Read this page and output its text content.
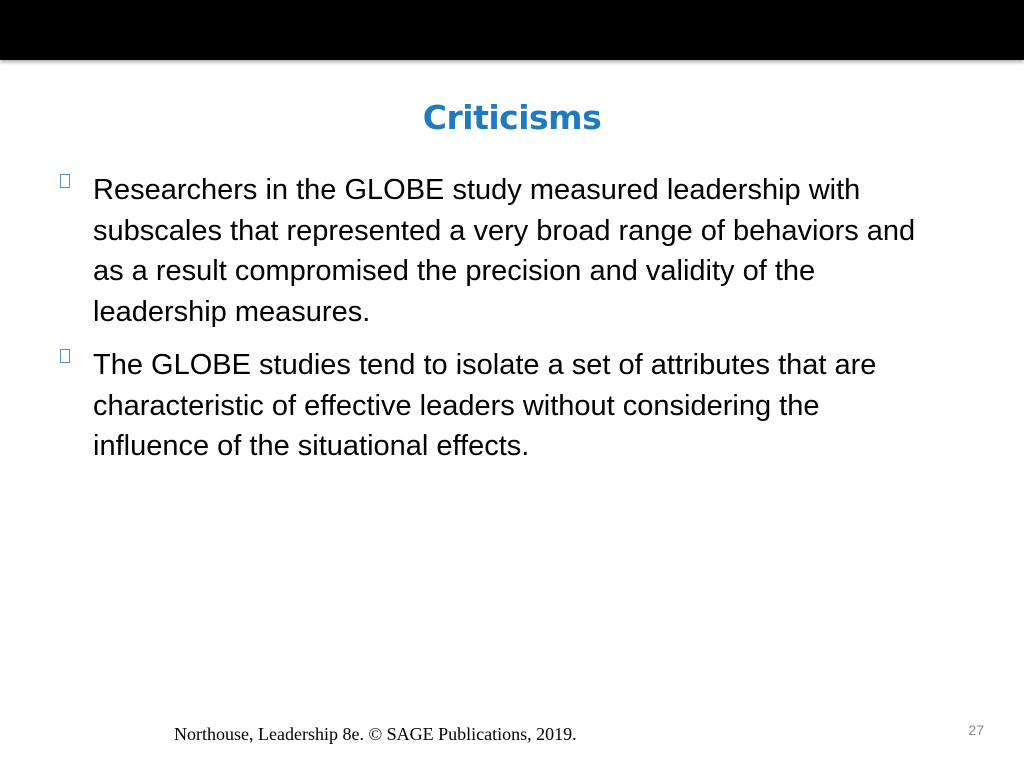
Criticisms
Researchers in the GLOBE study measured leadership with subscales that represented a very broad range of behaviors and as a result compromised the precision and validity of the leadership measures.
The GLOBE studies tend to isolate a set of attributes that are characteristic of effective leaders without considering the influence of the situational effects.
Northouse, Leadership 8e. © SAGE Publications, 2019.	27
